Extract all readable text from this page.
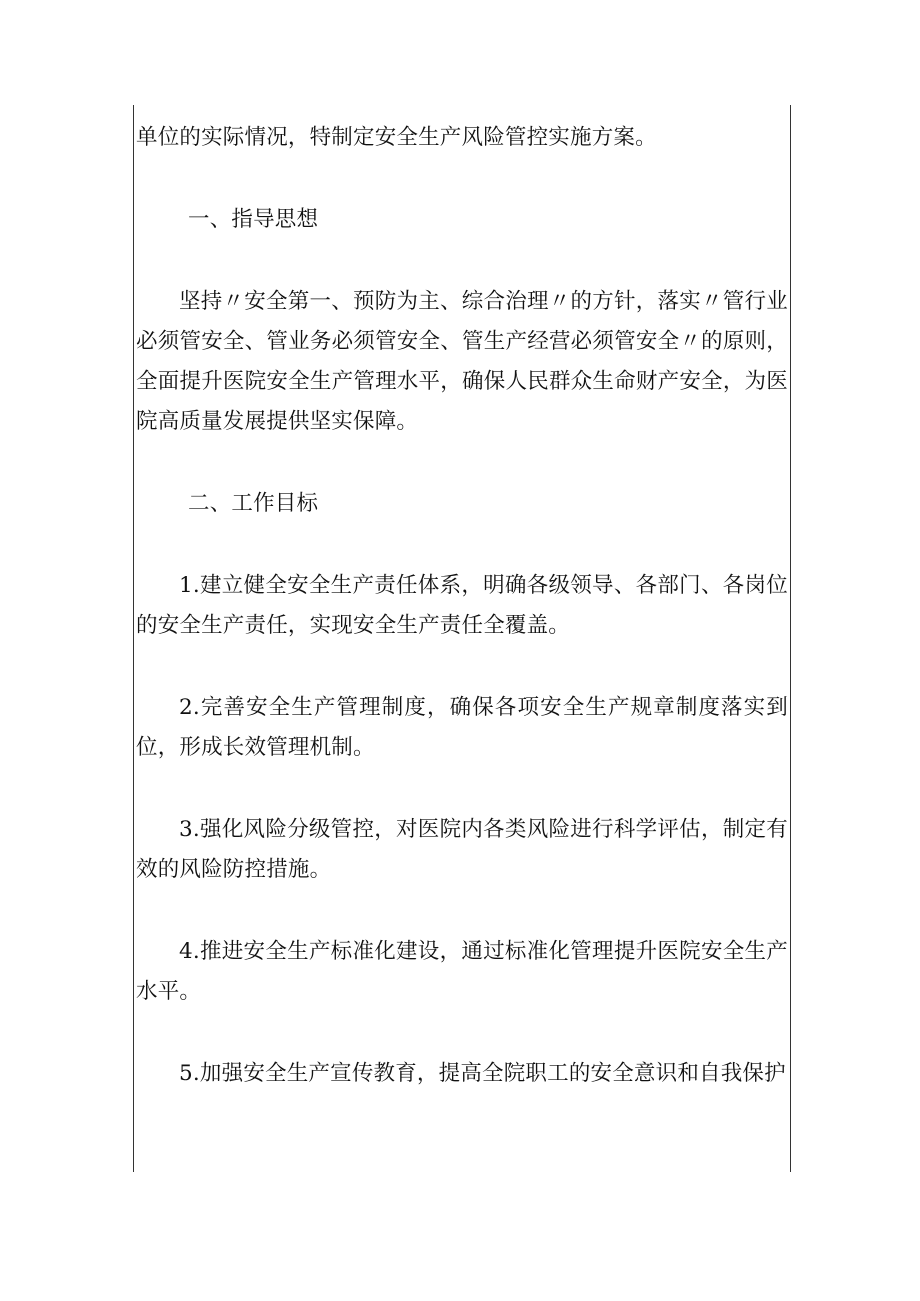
单位的实际情况，特制定安全生产风险管控实施方案。

一、指导思想

坚持〃安全第一、预防为主、综合治理〃的方针，落实〃管行业必须管安全、管业务必须管安全、管生产经营必须管安全〃的原则，全面提升医院安全生产管理水平，确保人民群众生命财产安全，为医院高质量发展提供坚实保障。

二、工作目标

1.建立健全安全生产责任体系，明确各级领导、各部门、各岗位的安全生产责任，实现安全生产责任全覆盖。

2.完善安全生产管理制度，确保各项安全生产规章制度落实到位，形成长效管理机制。

3.强化风险分级管控，对医院内各类风险进行科学评估，制定有效的风险防控措施。

4.推进安全生产标准化建设，通过标准化管理提升医院安全生产水平。

5.加强安全生产宣传教育，提高全院职工的安全意识和自我保护
